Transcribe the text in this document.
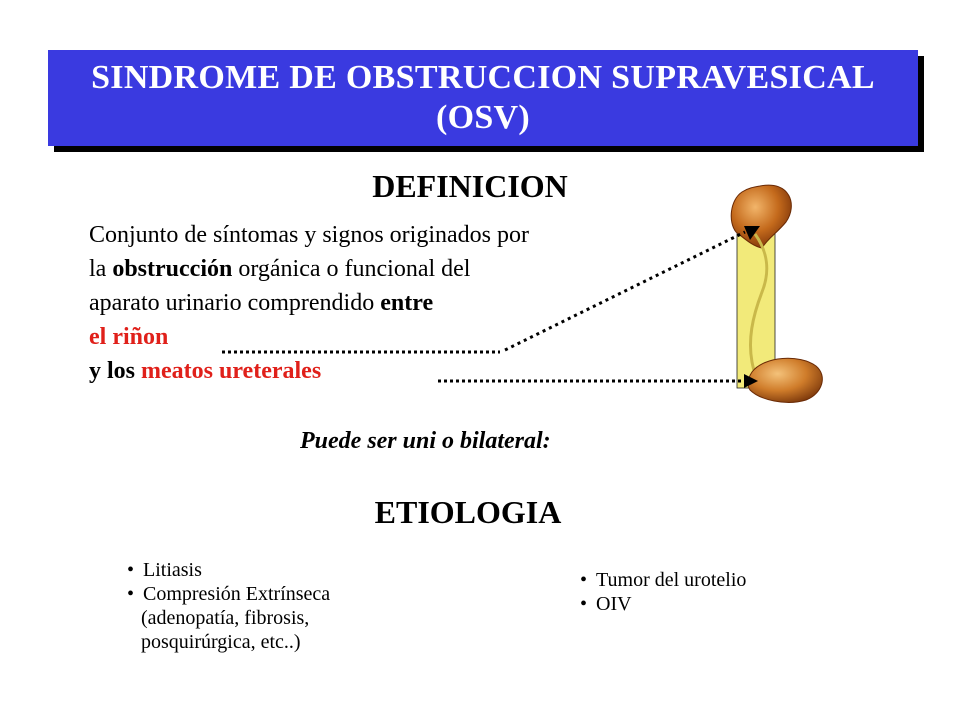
SINDROME DE OBSTRUCCION SUPRAVESICAL
(OSV)
DEFINICION
Conjunto de síntomas y signos originados por
la obstrucción orgánica o funcional del
aparato urinario comprendido entre
el riñon
y los meatos ureterales
Puede ser uni o bilateral:
ETIOLOGIA
• Litiasis
• Compresión Extrínseca
(adenopatía, fibrosis,
posquirúrgica, etc..)
• Tumor del urotelio
• OIV
